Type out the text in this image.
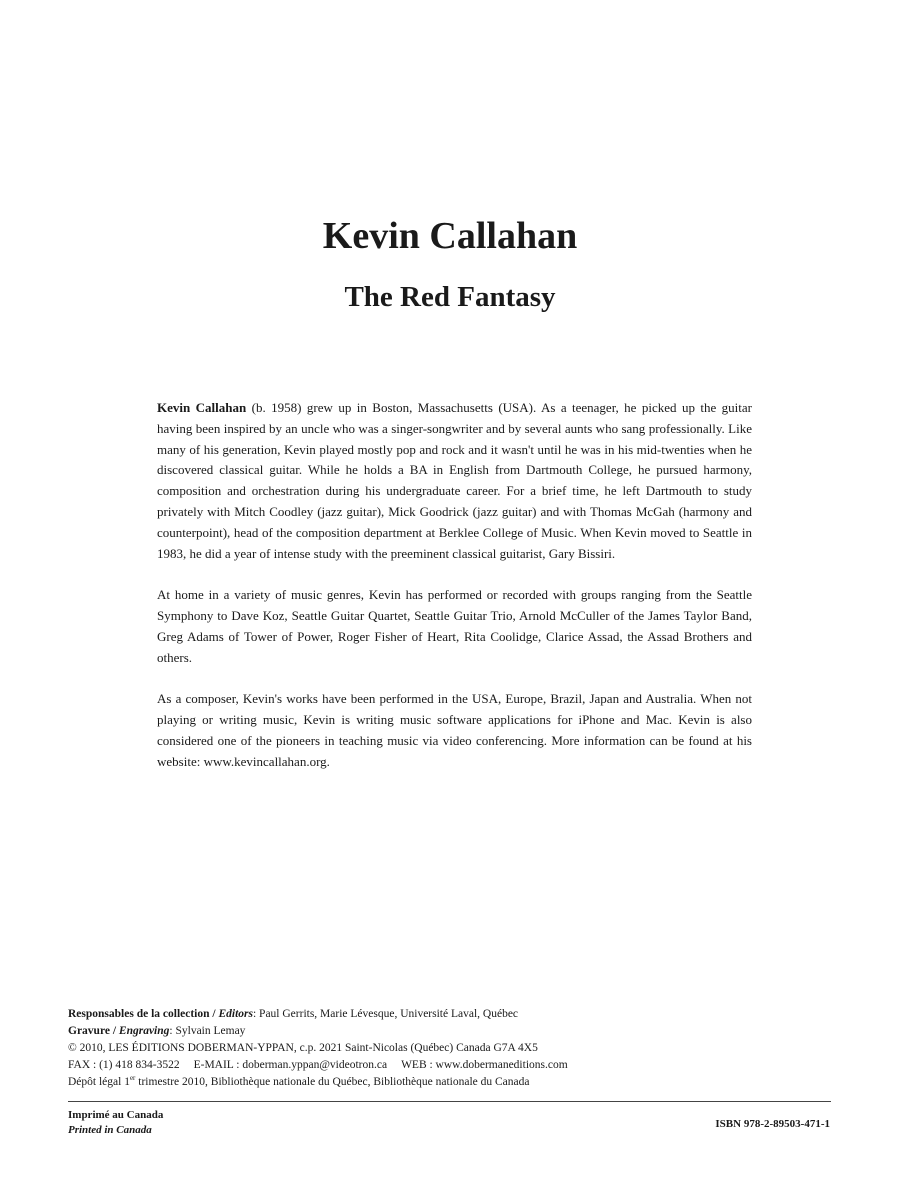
Kevin Callahan
The Red Fantasy

Kevin Callahan (b. 1958) grew up in Boston, Massachusetts (USA). As a teenager, he picked up the guitar having been inspired by an uncle who was a singer-songwriter and by several aunts who sang professionally. Like many of his generation, Kevin played mostly pop and rock and it wasn't until he was in his mid-twenties when he discovered classical guitar. While he holds a BA in English from Dartmouth College, he pursued harmony, composition and orchestration during his undergraduate career. For a brief time, he left Dartmouth to study privately with Mitch Coodley (jazz guitar), Mick Goodrick (jazz guitar) and with Thomas McGah (harmony and counterpoint), head of the composition department at Berklee College of Music. When Kevin moved to Seattle in 1983, he did a year of intense study with the preeminent classical guitarist, Gary Bissiri.

At home in a variety of music genres, Kevin has performed or recorded with groups ranging from the Seattle Symphony to Dave Koz, Seattle Guitar Quartet, Seattle Guitar Trio, Arnold McCuller of the James Taylor Band, Greg Adams of Tower of Power, Roger Fisher of Heart, Rita Coolidge, Clarice Assad, the Assad Brothers and others.

As a composer, Kevin's works have been performed in the USA, Europe, Brazil, Japan and Australia. When not playing or writing music, Kevin is writing music software applications for iPhone and Mac. Kevin is also considered one of the pioneers in teaching music via video conferencing. More information can be found at his website: www.kevincallahan.org.

Responsables de la collection / Editors: Paul Gerrits, Marie Lévesque, Université Laval, Québec
Gravure / Engraving: Sylvain Lemay
© 2010, LES ÉDITIONS DOBERMAN-YPPAN, c.p. 2021 Saint-Nicolas (Québec) Canada G7A 4X5
FAX : (1) 418 834-3522 E-MAIL : doberman.yppan@videotron.ca WEB : www.dobermaneditions.com
Dépôt légal 1er trimestre 2010, Bibliothèque nationale du Québec, Bibliothèque nationale du Canada
Imprimé au Canada
Printed in Canada	ISBN 978-2-89503-471-1
